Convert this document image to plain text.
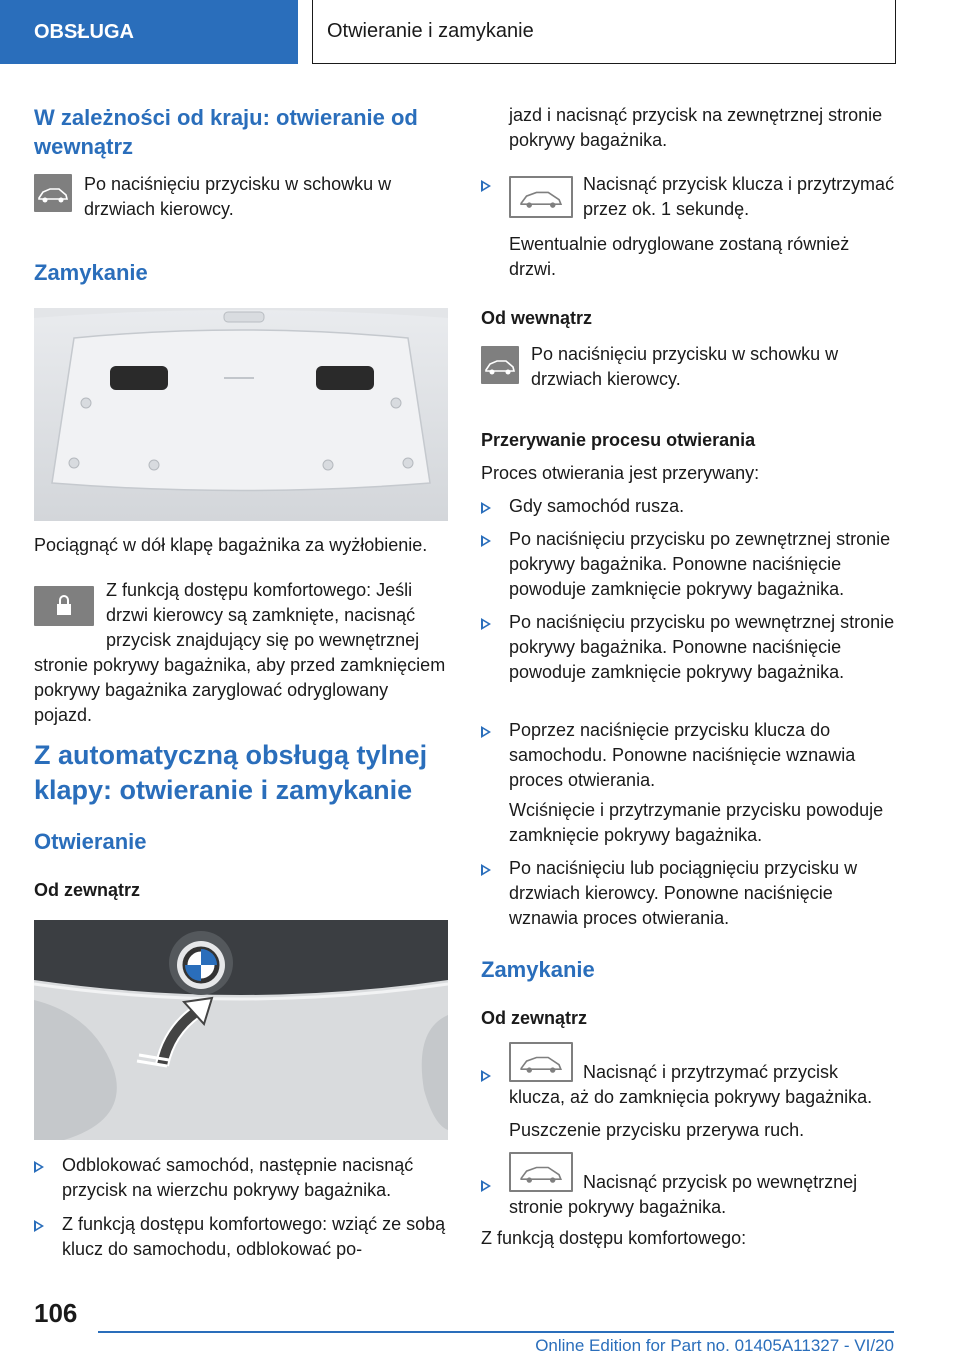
OBSŁUGA	Otwieranie i zamykanie
W zależności od kraju: otwieranie od wewnątrz
Po naciśnięciu przycisku w schowku w drzwiach kierowcy.
Zamykanie
Pociągnąć w dół klapę bagażnika za wyżłobienie.
Z funkcją dostępu komfortowego: Jeśli drzwi kierowcy są zamknięte, nacisnąć przycisk znajdujący się po wewnętrznej stronie pokrywy bagażnika, aby przed zamknięciem pokrywy bagażnika zaryglować odryglowany pojazd.
Z automatyczną obsługą tylnej klapy: otwieranie i zamykanie
Otwieranie
Od zewnątrz
Odblokować samochód, następnie nacisnąć przycisk na wierzchu pokrywy bagażnika.
Z funkcją dostępu komfortowego: wziąć ze sobą klucz do samochodu, odblokować po-
jazd i nacisnąć przycisk na zewnętrznej stronie pokrywy bagażnika.
Nacisnąć przycisk klucza i przytrzymać przez ok. 1 sekundę.
Ewentualnie odryglowane zostaną również drzwi.
Od wewnątrz
Po naciśnięciu przycisku w schowku w drzwiach kierowcy.
Przerywanie procesu otwierania
Proces otwierania jest przerywany:
Gdy samochód rusza.
Po naciśnięciu przycisku po zewnętrznej stronie pokrywy bagażnika. Ponowne naciśnięcie powoduje zamknięcie pokrywy bagażnika.
Po naciśnięciu przycisku po wewnętrznej stronie pokrywy bagażnika. Ponowne naciśnięcie powoduje zamknięcie pokrywy bagażnika.
Poprzez naciśnięcie przycisku klucza do samochodu. Ponowne naciśnięcie wznawia proces otwierania.
Wciśnięcie i przytrzymanie przycisku powoduje zamknięcie pokrywy bagażnika.
Po naciśnięciu lub pociągnięciu przycisku w drzwiach kierowcy. Ponowne naciśnięcie wznawia proces otwierania.
Zamykanie
Od zewnątrz
Nacisnąć i przytrzymać przycisk klucza, aż do zamknięcia pokrywy bagażnika.
Puszczenie przycisku przerywa ruch.
Nacisnąć przycisk po wewnętrznej stronie pokrywy bagażnika.
Z funkcją dostępu komfortowego:
106
Online Edition for Part no. 01405A11327 - VI/20
